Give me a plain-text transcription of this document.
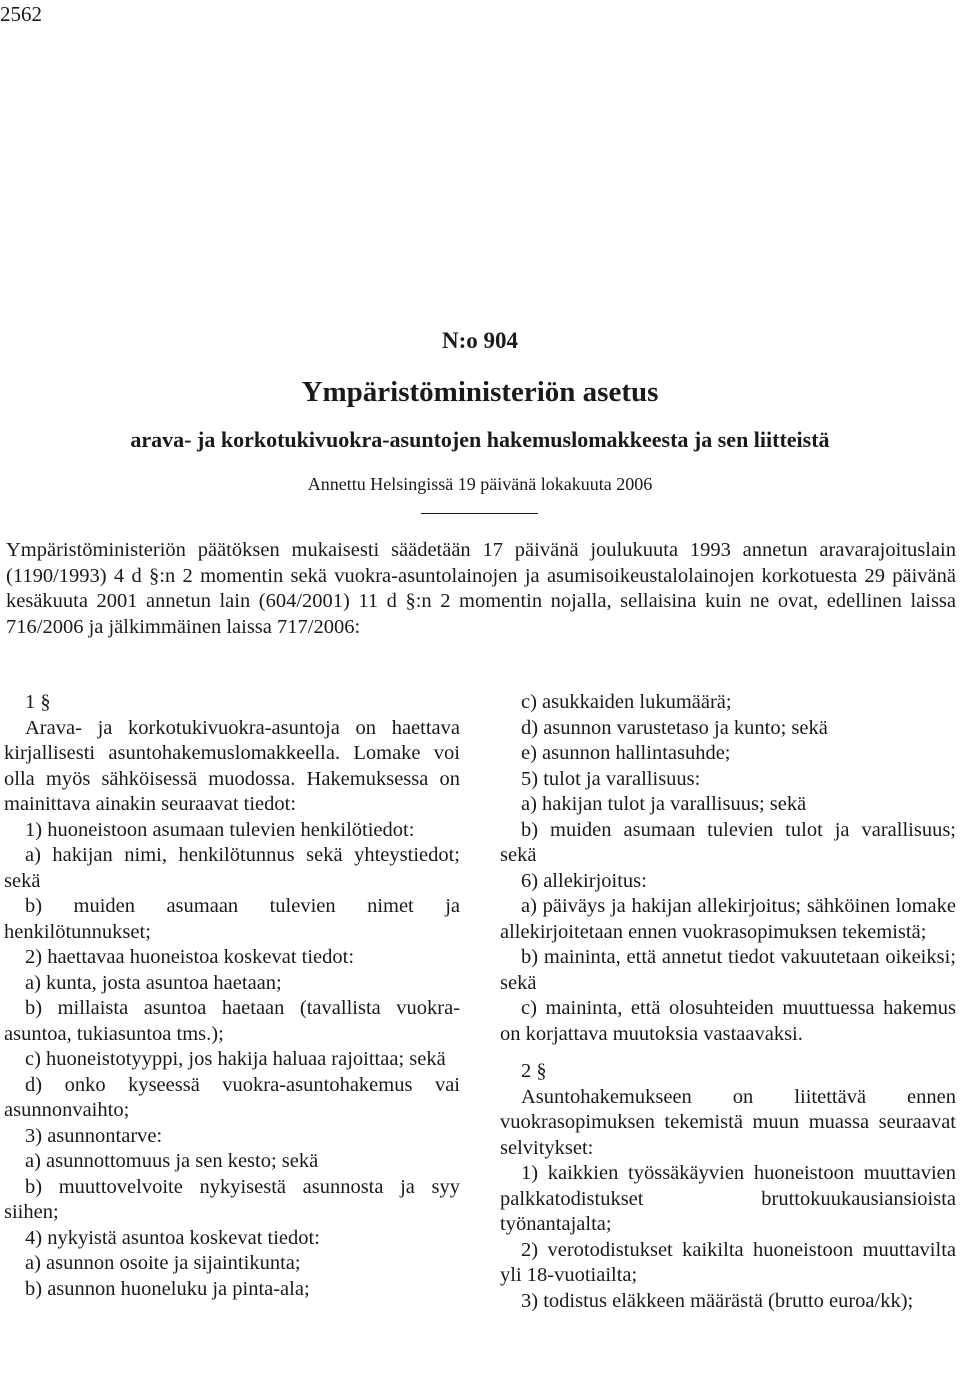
2562
N:o 904
Ympäristöministeriön asetus
arava- ja korkotukivuokra-asuntojen hakemuslomakkeesta ja sen liitteistä
Annettu Helsingissä 19 päivänä lokakuuta 2006
Ympäristöministeriön päätöksen mukaisesti säädetään 17 päivänä joulukuuta 1993 annetun aravarajoituslain (1190/1993) 4 d §:n 2 momentin sekä vuokra-asuntolainojen ja asumisoikeustalolainojen korkotuesta 29 päivänä kesäkuuta 2001 annetun lain (604/2001) 11 d §:n 2 momentin nojalla, sellaisina kuin ne ovat, edellinen laissa 716/2006 ja jälkimmäinen laissa 717/2006:

1 §

Arava- ja korkotukivuokra-asuntoja on haettava kirjallisesti asuntohakemuslomakkeella. Lomake voi olla myös sähköisessä muodossa. Hakemuksessa on mainittava ainakin seuraavat tiedot:

1) huoneistoon asumaan tulevien henkilötiedot:

a) hakijan nimi, henkilötunnus sekä yhteystiedot; sekä

b) muiden asumaan tulevien nimet ja henkilötunnukset;

2) haettavaa huoneistoa koskevat tiedot:

a) kunta, josta asuntoa haetaan;

b) millaista asuntoa haetaan (tavallista vuokra-asuntoa, tukiasuntoa tms.);

c) huoneistotyyppi, jos hakija haluaa rajoittaa; sekä

d) onko kyseessä vuokra-asuntohakemus vai asunnonvaihto;

3) asunnontarve:

a) asunnottomuus ja sen kesto; sekä

b) muuttovelvoite nykyisestä asunnosta ja syy siihen;

4) nykyistä asuntoa koskevat tiedot:

a) asunnon osoite ja sijaintikunta;

b) asunnon huoneluku ja pinta-ala;

c) asukkaiden lukumäärä;

d) asunnon varustetaso ja kunto; sekä

e) asunnon hallintasuhde;

5) tulot ja varallisuus:

a) hakijan tulot ja varallisuus; sekä

b) muiden asumaan tulevien tulot ja varallisuus; sekä

6) allekirjoitus:

a) päiväys ja hakijan allekirjoitus; sähköinen lomake allekirjoitetaan ennen vuokrasopimuksen tekemistä;

b) maininta, että annetut tiedot vakuutetaan oikeiksi; sekä

c) maininta, että olosuhteiden muuttuessa hakemus on korjattava muutoksia vastaavaksi.

2 §

Asuntohakemukseen on liitettävä ennen vuokrasopimuksen tekemistä muun muassa seuraavat selvitykset:

1) kaikkien työssäkäyvien huoneistoon muuttavien palkkatodistukset bruttokuukausiansioista työnantajalta;

2) verotodistukset kaikilta huoneistoon muuttavilta yli 18-vuotiailta;

3) todistus eläkkeen määrästä (brutto euroa/kk);
